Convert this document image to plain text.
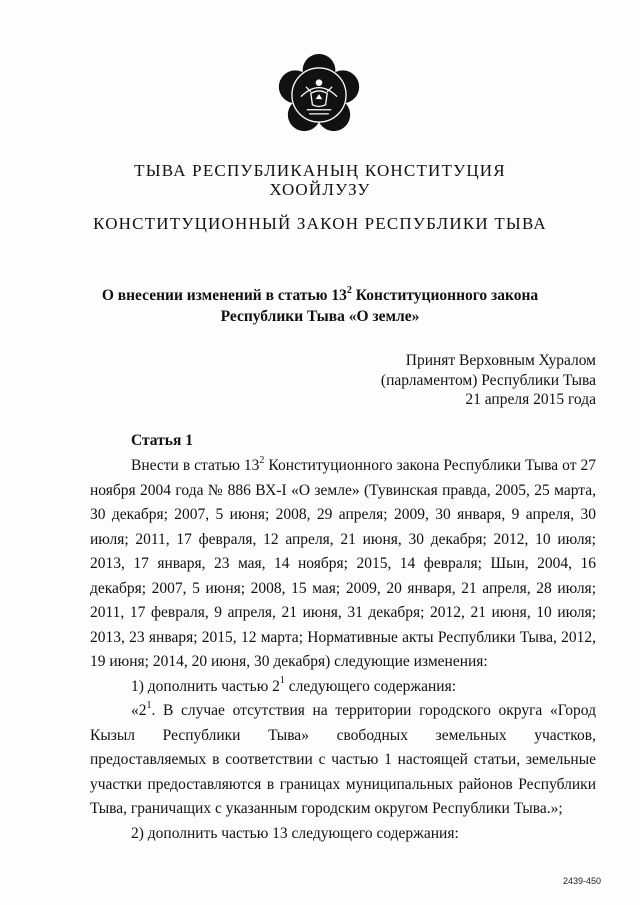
ТЫВА РЕСПУБЛИКАНЫҢ КОНСТИТУЦИЯ
ХООЙЛУЗУ
КОНСТИТУЦИОННЫЙ ЗАКОН РЕСПУБЛИКИ ТЫВА
О внесении изменений в статью $13^2$ Конституционного закона
Республики Тыва «О земле»
Принят Верховным Хуралом
(парламентом) Республики Тыва
21 апреля 2015 года
Статья 1

Внести в статью $13^2$ Конституционного закона Республики Тыва от 27 ноября 2004 года № 886 ВХ-I «О земле» (Тувинская правда, 2005, 25 марта, 30 декабря; 2007, 5 июня; 2008, 29 апреля; 2009, 30 января, 9 апреля, 30 июля; 2011, 17 февраля, 12 апреля, 21 июня, 30 декабря; 2012, 10 июля; 2013, 17 января, 23 мая, 14 ноября; 2015, 14 февраля; Шын, 2004, 16 декабря; 2007, 5 июня; 2008, 15 мая; 2009, 20 января, 21 апреля, 28 июля; 2011, 17 февраля, 9 апреля, 21 июня, 31 декабря; 2012, 21 июня, 10 июля; 2013, 23 января; 2015, 12 марта; Нормативные акты Республики Тыва, 2012, 19 июня; 2014, 20 июня, 30 декабря) следующие изменения:

1) дополнить частью $2^1$ следующего содержания:

«$2^1$. В случае отсутствия на территории городского округа «Город Кызыл Республики Тыва» свободных земельных участков, предоставляемых в соответствии с частью 1 настоящей статьи, земельные участки предоставляются в границах муниципальных районов Республики Тыва, граничащих с указанным городским округом Республики Тыва.»;

2) дополнить частью 13 следующего содержания:

2439-450
